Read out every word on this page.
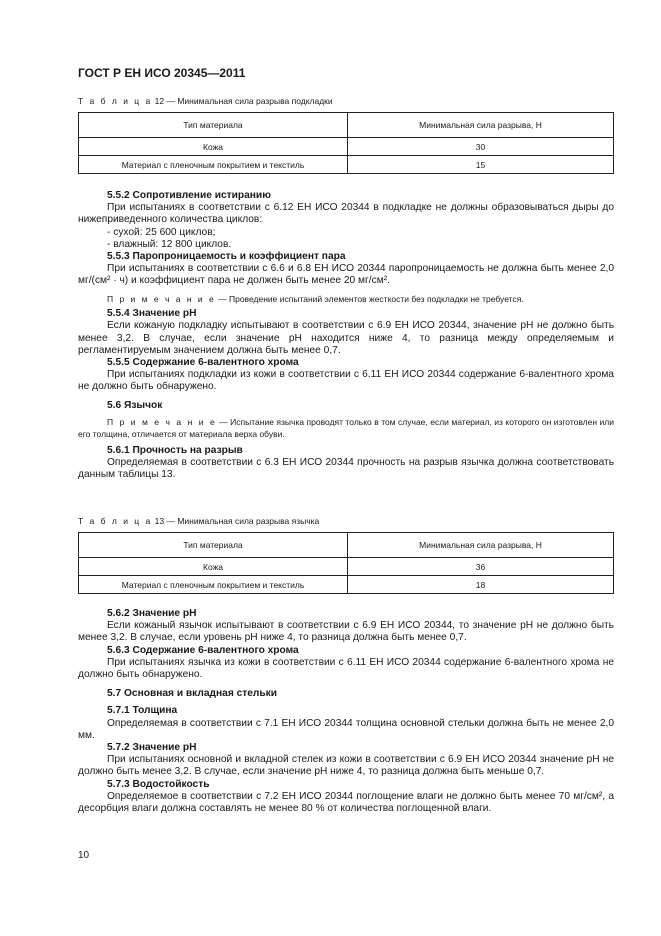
ГОСТ Р ЕН ИСО 20345—2011
Т а б л и ц а 12 — Минимальная сила разрыва подкладки
Тип материала	Минимальная сила разрыва, Н
Кожа	30
Материал с пленочным покрытием и текстиль	15

5.5.2 Сопротивление истиранию

При испытаниях в соответствии с 6.12 ЕН ИСО 20344 в подкладке не должны образовываться дыры до нижеприведенного количества циклов:

- сухой: 25 600 циклов;

- влажный: 12 800 циклов.

5.5.3 Паропроницаемость и коэффициент пара

При испытаниях в соответствии с 6.6 и 6.8 ЕН ИСО 20344 паропроницаемость не должна быть менее 2,0 мг/(см² · ч) и коэффициент пара не должен быть менее 20 мг/см².

П р и м е ч а н и е — Проведение испытаний элементов жесткости без подкладки не требуется.

5.5.4 Значение pH

Если кожаную подкладку испытывают в соответствии с 6.9 ЕН ИСО 20344, значение pH не должно быть менее 3,2. В случае, если значение pH находится ниже 4, то разница между определяемым и регламентируемым значением должна быть менее 0,7.

5.5.5 Содержание 6-валентного хрома

При испытаниях подкладки из кожи в соответствии с 6.11 ЕН ИСО 20344 содержание 6-валентного хрома не должно быть обнаружено.

5.6 Язычок

П р и м е ч а н и е — Испытание язычка проводят только в том случае, если материал, из которого он изготовлен или его толщина, отличается от материала верха обуви.

5.6.1 Прочность на разрыв

Определяемая в соответствии с 6.3 ЕН ИСО 20344 прочность на разрыв язычка должна соответствовать данным таблицы 13.

Т а б л и ц а 13 — Минимальная сила разрыва язычка
Тип материала	Минимальная сила разрыва, Н
Кожа	36
Материал с пленочным покрытием и текстиль	18

5.6.2 Значение pH

Если кожаный язычок испытывают в соответствии с 6.9 ЕН ИСО 20344, то значение pH не должно быть менее 3,2. В случае, если уровень pH ниже 4, то разница должна быть менее 0,7.

5.6.3 Содержание 6-валентного хрома

При испытаниях язычка из кожи в соответствии с 6.11 ЕН ИСО 20344 содержание 6-валентного хрома не должно быть обнаружено.

5.7 Основная и вкладная стельки

5.7.1 Толщина

Определяемая в соответствии с 7.1 ЕН ИСО 20344 толщина основной стельки должна быть не менее 2,0 мм.

5.7.2 Значение pH

При испытаниях основной и вкладной стелек из кожи в соответствии с 6.9 ЕН ИСО 20344 значение pH не должно быть менее 3,2. В случае, если значение pH ниже 4, то разница должна быть меньше 0,7.

5.7.3 Водостойкость

Определяемое в соответствии с 7.2 ЕН ИСО 20344 поглощение влаги не должно быть менее 70 мг/см², а десорбция влаги должна составлять не менее 80 % от количества поглощенной влаги.

10
